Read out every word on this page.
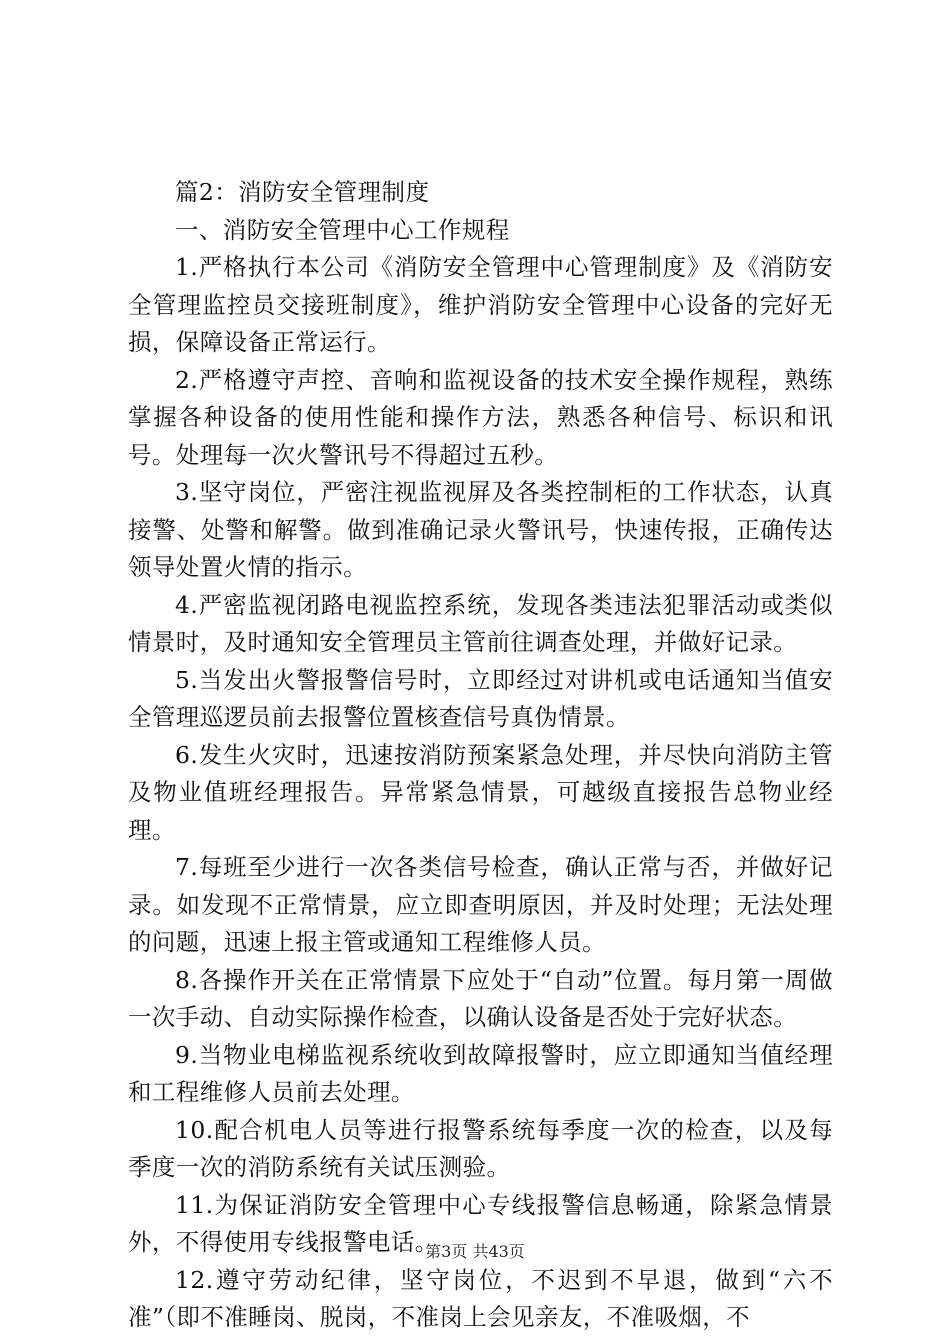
篇2：消防安全管理制度

一、消防安全管理中心工作规程

1.严格执行本公司《消防安全管理中心管理制度》及《消防安全管理监控员交接班制度》，维护消防安全管理中心设备的完好无损，保障设备正常运行。

2.严格遵守声控、音响和监视设备的技术安全操作规程，熟练掌握各种设备的使用性能和操作方法，熟悉各种信号、标识和讯号。处理每一次火警讯号不得超过五秒。

3.坚守岗位，严密注视监视屏及各类控制柜的工作状态，认真接警、处警和解警。做到准确记录火警讯号，快速传报，正确传达领导处置火情的指示。

4.严密监视闭路电视监控系统，发现各类违法犯罪活动或类似情景时，及时通知安全管理员主管前往调查处理，并做好记录。

5.当发出火警报警信号时，立即经过对讲机或电话通知当值安全管理巡逻员前去报警位置核查信号真伪情景。

6.发生火灾时，迅速按消防预案紧急处理，并尽快向消防主管及物业值班经理报告。异常紧急情景，可越级直接报告总物业经理。

7.每班至少进行一次各类信号检查，确认正常与否，并做好记录。如发现不正常情景，应立即查明原因，并及时处理；无法处理的问题，迅速上报主管或通知工程维修人员。

8.各操作开关在正常情景下应处于“自动”位置。每月第一周做一次手动、自动实际操作检查，以确认设备是否处于完好状态。

9.当物业电梯监视系统收到故障报警时，应立即通知当值经理和工程维修人员前去处理。

10.配合机电人员等进行报警系统每季度一次的检查，以及每季度一次的消防系统有关试压测验。

11.为保证消防安全管理中心专线报警信息畅通，除紧急情景外，不得使用专线报警电话。

12.遵守劳动纪律，坚守岗位，不迟到不早退，做到“六不准”（即不准睡岗、脱岗，不准岗上会见亲友，不准吸烟，不

第3页 共43页
